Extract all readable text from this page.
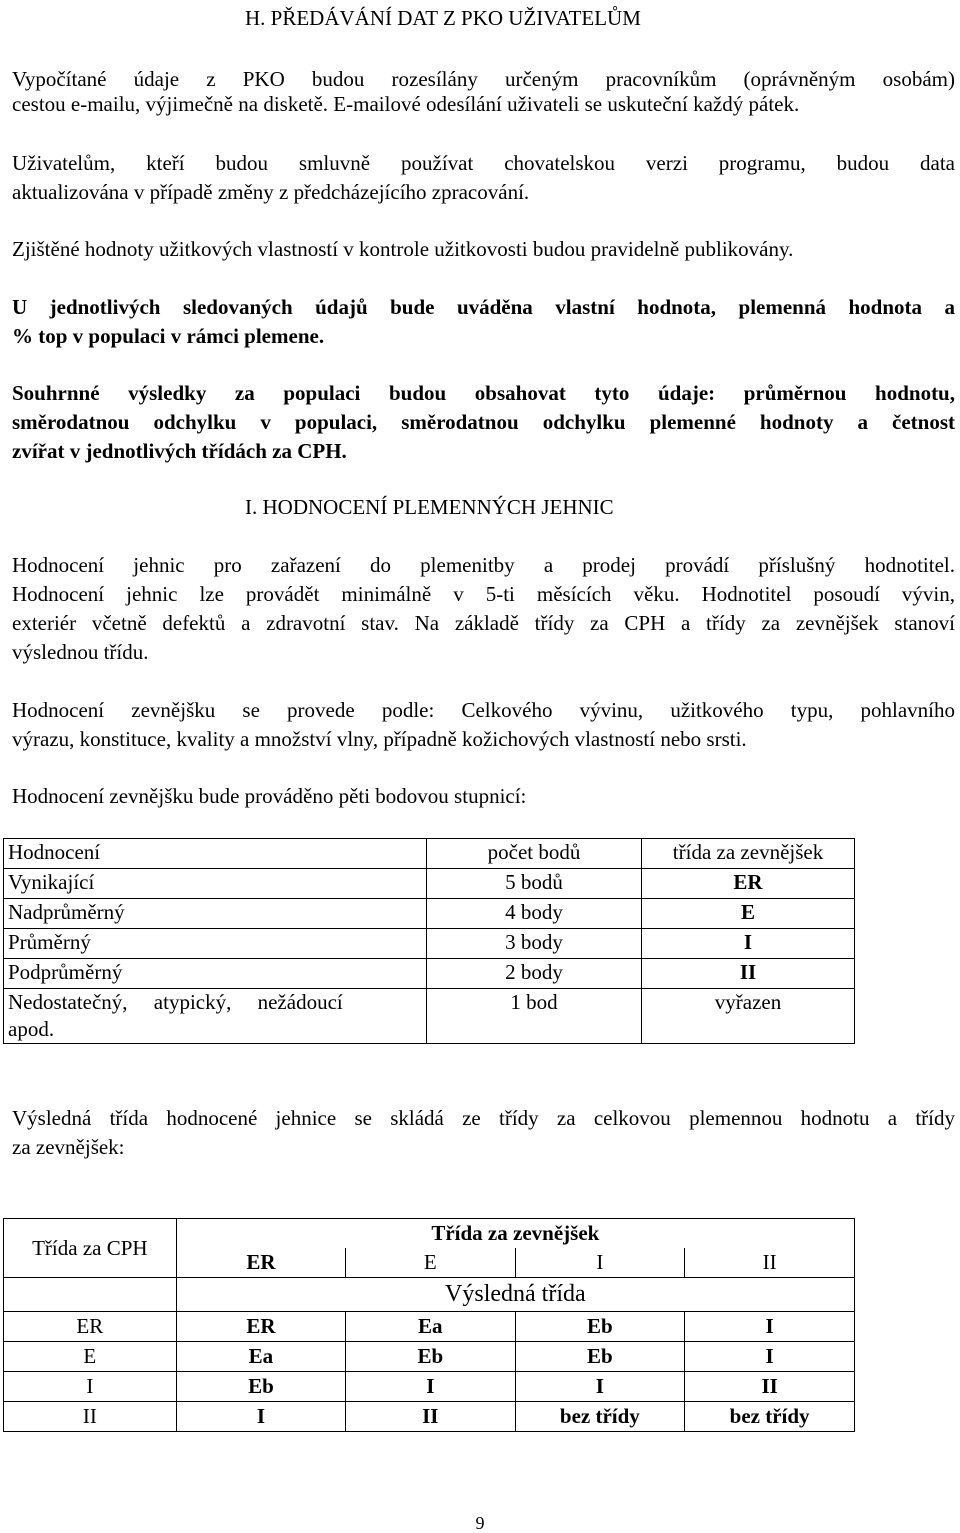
H. PŘEDÁVÁNÍ DAT Z PKO UŽIVATELŮM
Vypočítané údaje z PKO budou rozesílány určeným pracovníkům (oprávněným osobám)
cestou e-mailu, výjimečně na disketě. E-mailové odesílání uživateli se uskuteční každý pátek.
Uživatelům, kteří budou smluvně používat chovatelskou verzi programu, budou data
aktualizována v případě změny z předcházejícího zpracování.
Zjištěné hodnoty užitkových vlastností v kontrole užitkovosti budou pravidelně publikovány.
U jednotlivých sledovaných údajů bude uváděna vlastní hodnota, plemenná hodnota a
% top v populaci v rámci plemene.
Souhrnné výsledky za populaci budou obsahovat tyto údaje: průměrnou hodnotu,
směrodatnou odchylku v populaci, směrodatnou odchylku plemenné hodnoty a četnost
zvířat v jednotlivých třídách za CPH.
I. HODNOCENÍ PLEMENNÝCH JEHNIC
Hodnocení jehnic pro zařazení do plemenitby a prodej provádí příslušný hodnotitel.
Hodnocení jehnic lze provádět minimálně v 5-ti měsících věku. Hodnotitel posoudí vývin,
exteriér včetně defektů a zdravotní stav. Na základě třídy za CPH a třídy za zevnějšek stanoví
výslednou třídu.
Hodnocení zevnějšku se provede podle: Celkového vývinu, užitkového typu, pohlavního
výrazu, konstituce, kvality a množství vlny, případně kožichových vlastností nebo srsti.
Hodnocení zevnějšku bude prováděno pěti bodovou stupnicí:
Hodnocení	počet bodů	třída za zevnějšek
Vynikající	5 bodů	ER
Nadprůměrný	4 body	E
Průměrný	3 body	I
Podprůměrný	2 body	II

Nedostatečný,     atypický,     nežádoucí
apod.	1 bod	vyřazen
Výsledná třída hodnocené jehnice se skládá ze třídy za celkovou plemennou hodnotu a třídy
za zevnějšek:
Třída za CPH	Třída za zevnějšek			
	ER	E	I	II
	Výsledná třída			
ER	ER	Ea	Eb	I
E	Ea	Eb	Eb	I
I	Eb	I	I	II
II	I	II	bez třídy	bez třídy
9
